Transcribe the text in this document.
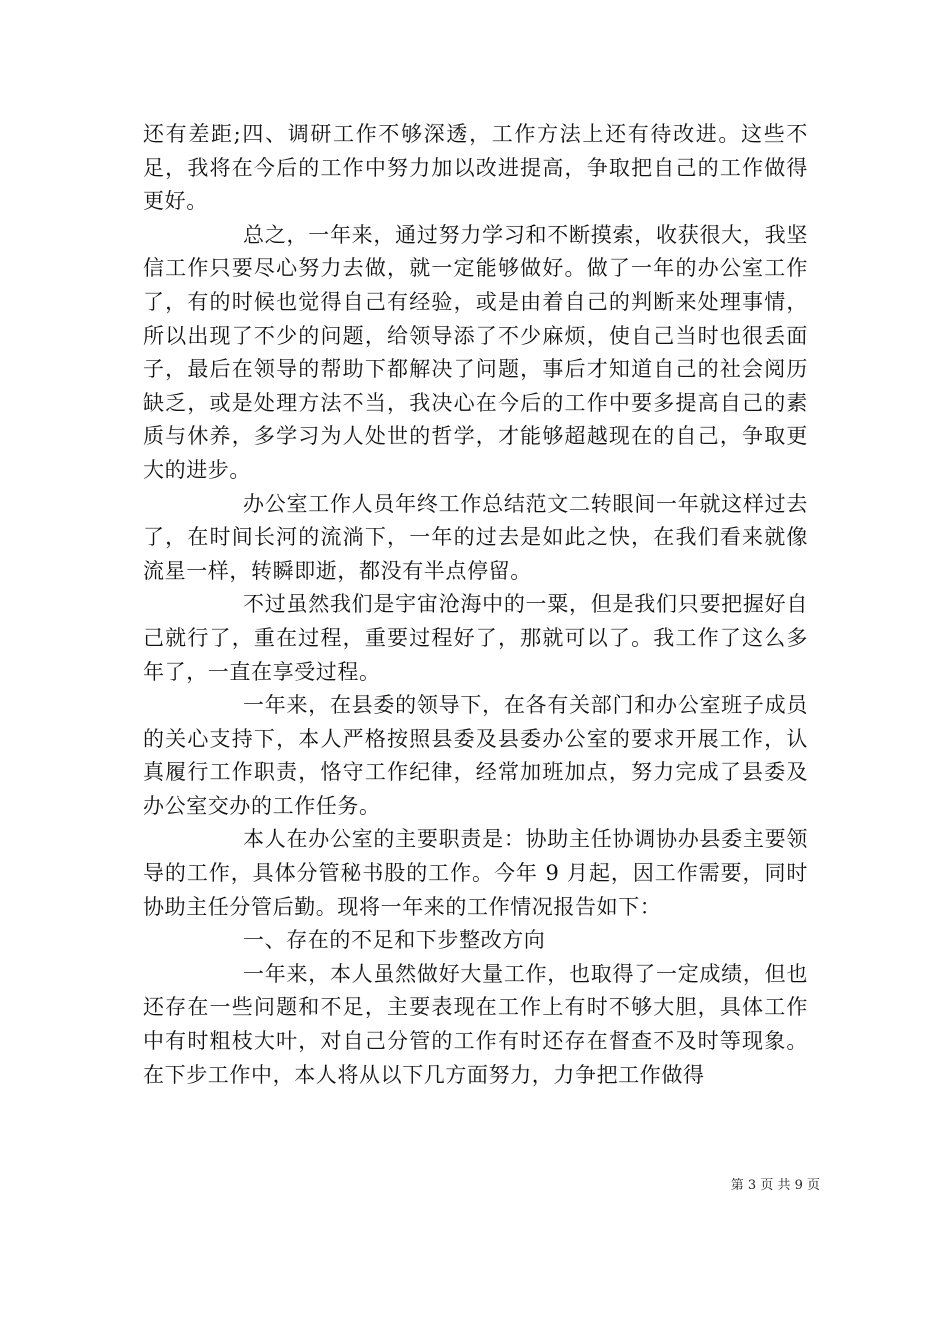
还有差距;四、调研工作不够深透，工作方法上还有待改进。这些不足，我将在今后的工作中努力加以改进提高，争取把自己的工作做得更好。

总之，一年来，通过努力学习和不断摸索，收获很大，我坚信工作只要尽心努力去做，就一定能够做好。做了一年的办公室工作了，有的时候也觉得自己有经验，或是由着自己的判断来处理事情，所以出现了不少的问题，给领导添了不少麻烦，使自己当时也很丢面子，最后在领导的帮助下都解决了问题，事后才知道自己的社会阅历缺乏，或是处理方法不当，我决心在今后的工作中要多提高自己的素质与休养，多学习为人处世的哲学，才能够超越现在的自己，争取更大的进步。

办公室工作人员年终工作总结范文二转眼间一年就这样过去了，在时间长河的流淌下，一年的过去是如此之快，在我们看来就像流星一样，转瞬即逝，都没有半点停留。

不过虽然我们是宇宙沧海中的一粟，但是我们只要把握好自己就行了，重在过程，重要过程好了，那就可以了。我工作了这么多年了，一直在享受过程。

一年来，在县委的领导下，在各有关部门和办公室班子成员的关心支持下，本人严格按照县委及县委办公室的要求开展工作，认真履行工作职责，恪守工作纪律，经常加班加点，努力完成了县委及办公室交办的工作任务。

本人在办公室的主要职责是：协助主任协调协办县委主要领导的工作，具体分管秘书股的工作。今年 9 月起，因工作需要，同时协助主任分管后勤。现将一年来的工作情况报告如下：

一、存在的不足和下步整改方向

一年来，本人虽然做好大量工作，也取得了一定成绩，但也还存在一些问题和不足，主要表现在工作上有时不够大胆，具体工作中有时粗枝大叶，对自己分管的工作有时还存在督查不及时等现象。在下步工作中，本人将从以下几方面努力，力争把工作做得

第 3 页 共 9 页
